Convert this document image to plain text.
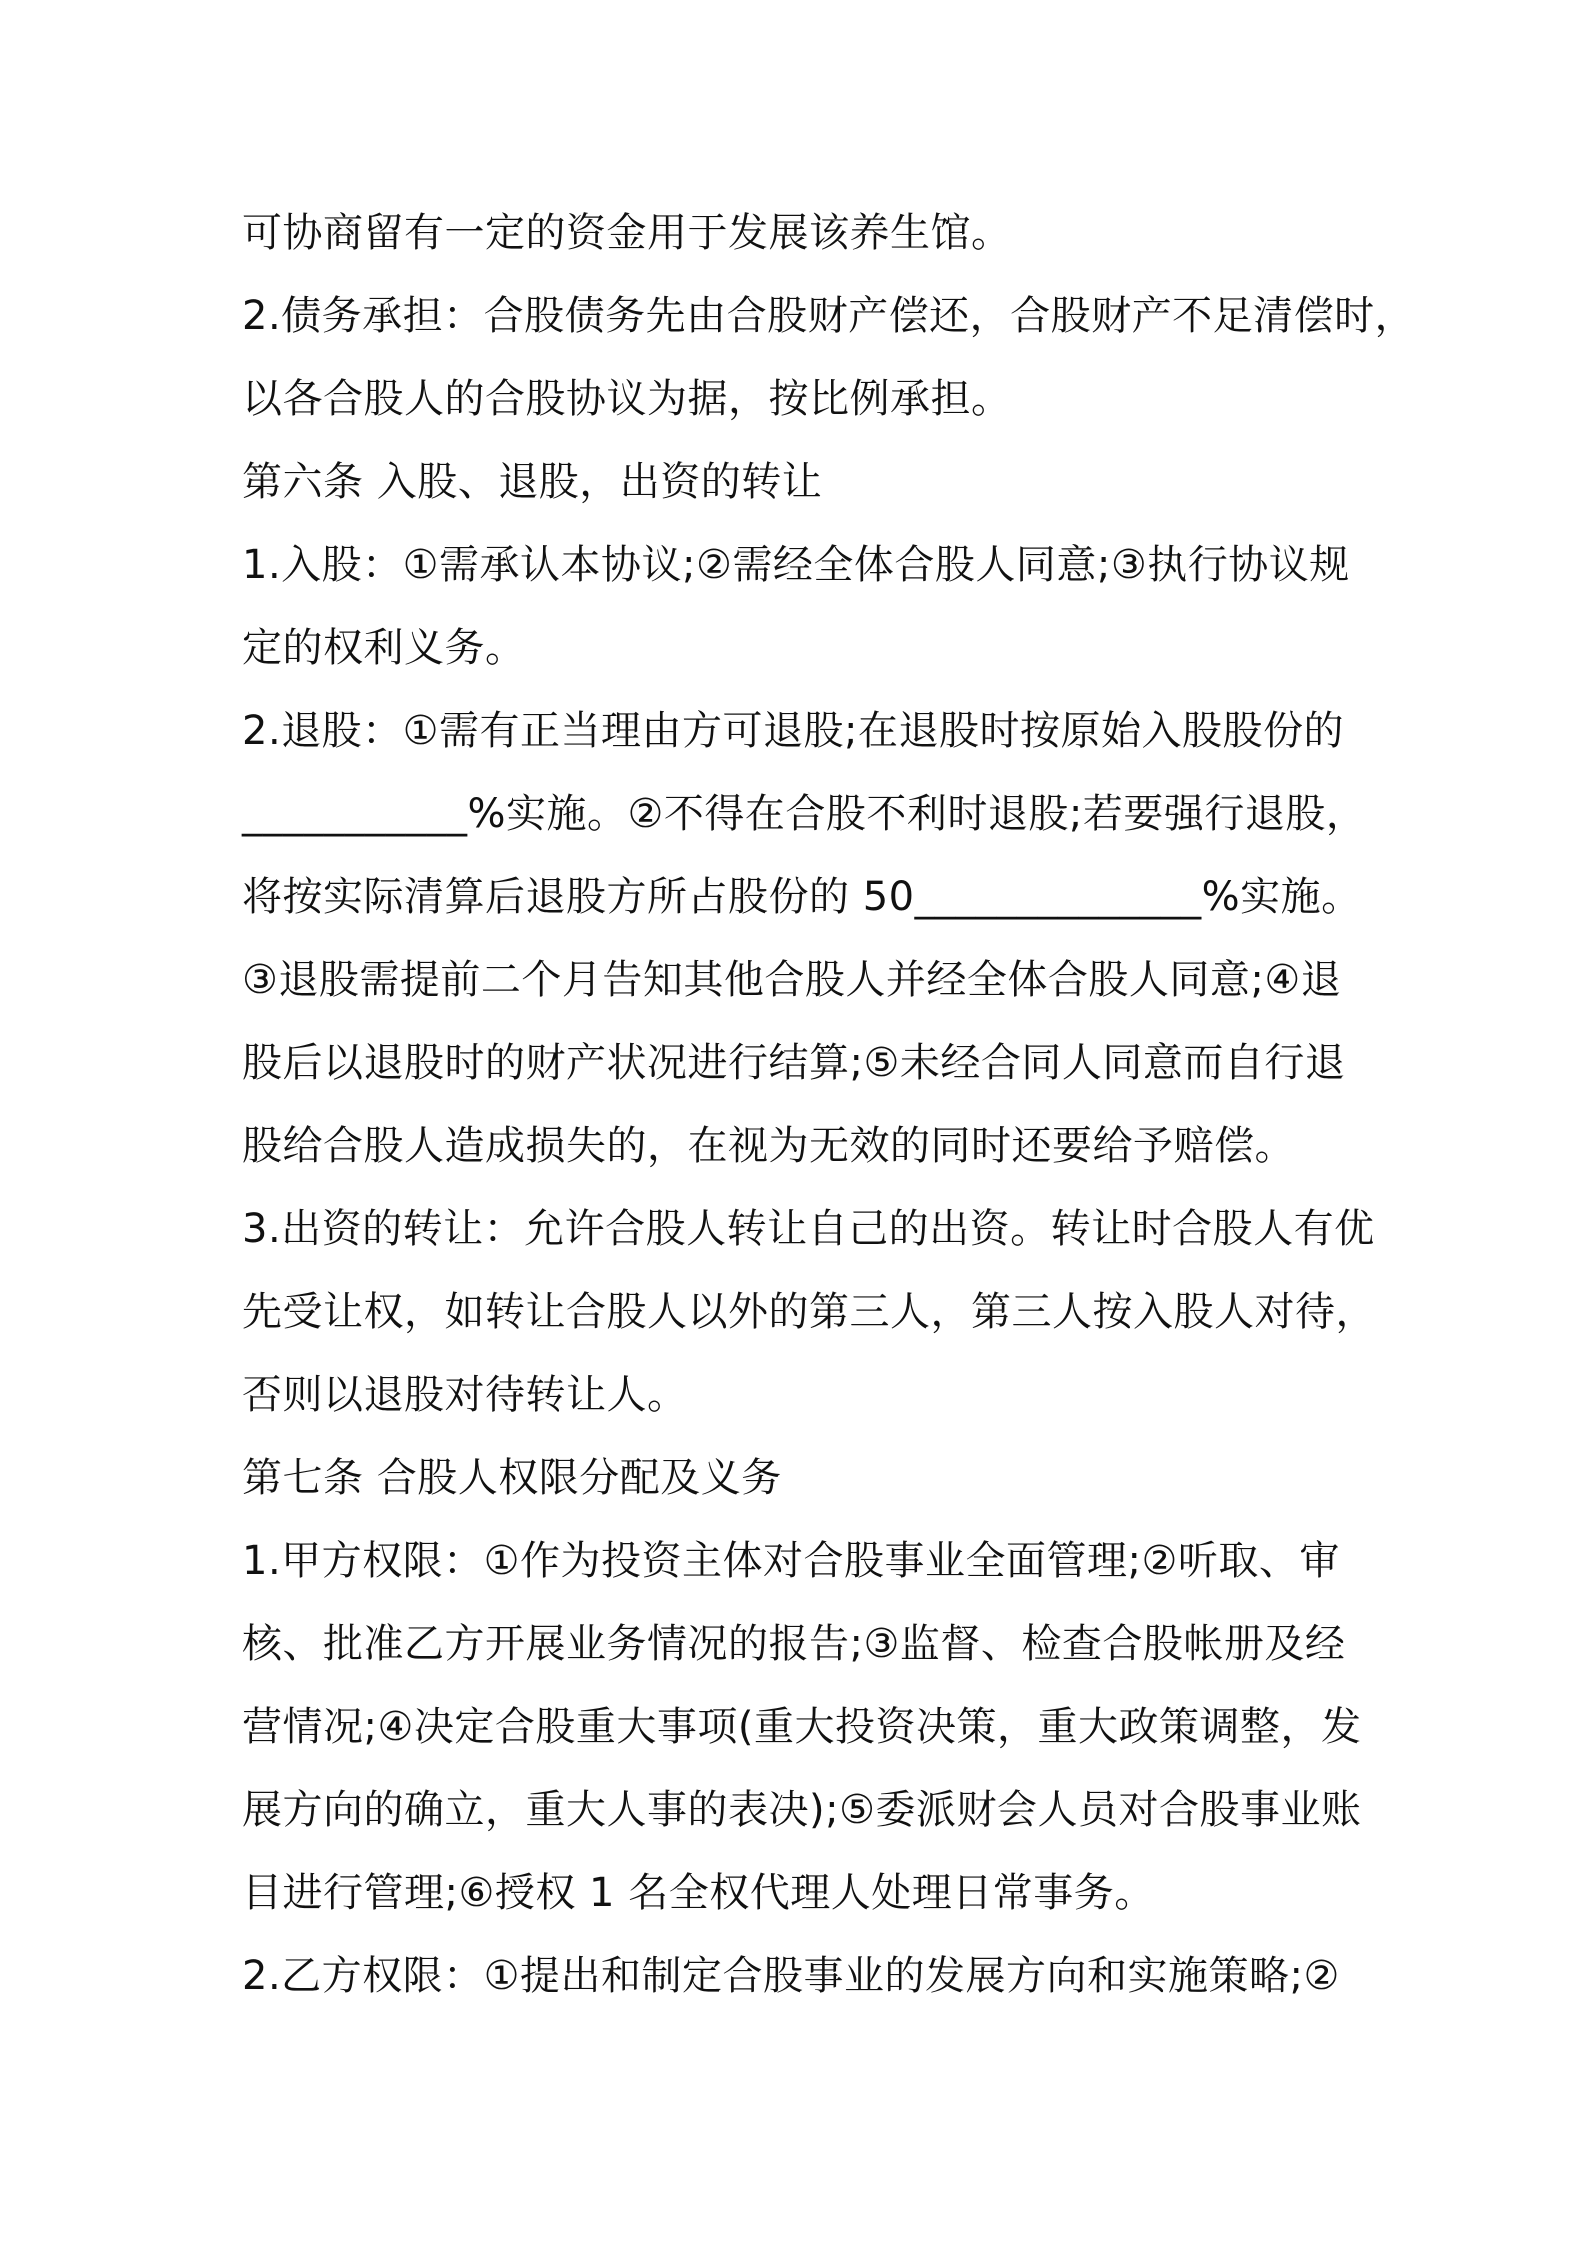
可协商留有一定的资金用于发展该养生馆。
2.债务承担：合股债务先由合股财产偿还，合股财产不足清偿时，
以各合股人的合股协议为据，按比例承担。
第六条 入股、退股，出资的转让
1.入股：①需承认本协议;②需经全体合股人同意;③执行协议规
定的权利义务。
2.退股：①需有正当理由方可退股;在退股时按原始入股股份的
___________%实施。②不得在合股不利时退股;若要强行退股，
将按实际清算后退股方所占股份的 50______________%实施。
③退股需提前二个月告知其他合股人并经全体合股人同意;④退
股后以退股时的财产状况进行结算;⑤未经合同人同意而自行退
股给合股人造成损失的，在视为无效的同时还要给予赔偿。
3.出资的转让：允许合股人转让自己的出资。转让时合股人有优
先受让权，如转让合股人以外的第三人，第三人按入股人对待，
否则以退股对待转让人。
第七条 合股人权限分配及义务
1.甲方权限：①作为投资主体对合股事业全面管理;②听取、审
核、批准乙方开展业务情况的报告;③监督、检查合股帐册及经
营情况;④决定合股重大事项(重大投资决策，重大政策调整，发
展方向的确立，重大人事的表决);⑤委派财会人员对合股事业账
目进行管理;⑥授权 1 名全权代理人处理日常事务。
2.乙方权限：①提出和制定合股事业的发展方向和实施策略;②
